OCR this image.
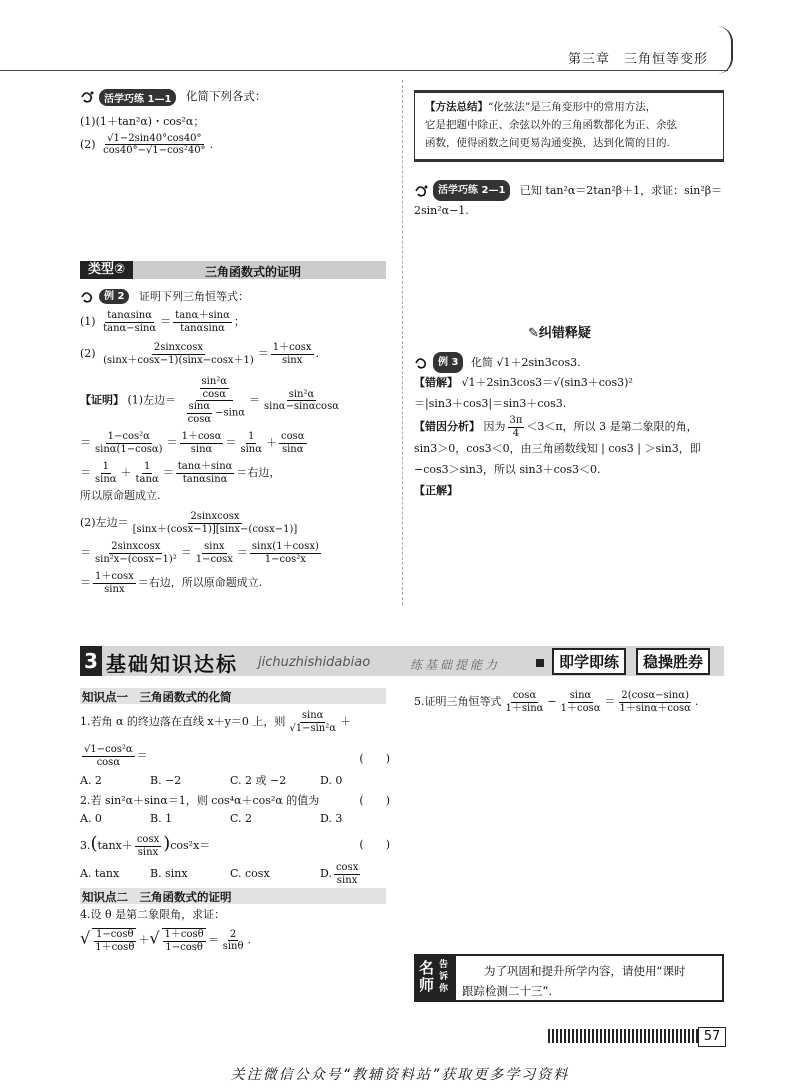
第三章　三角恒等变形
活学巧练 1—1 化简下列各式：
(1)(1＋tan²α)・cos²α；
$(2) \frac{√1-2\sin 40^\circ\cos 40^\circ}{\text{cos40°−√1−cos²40°}}$ .
类型②	三角函数式的证明
例 2 证明下列三角恒等式：
$(1) \frac{\tan\alpha\sin\alpha}{\tan\alpha-\sin\alpha} = \frac{\tan\alpha+\sin\alpha}{\tan\alpha\sin\alpha}$ ；
$(2) \frac{\text{2sinxcosx}}{(\sin x+\cos x-1)(\sin x-\cos x+1)} = \frac{1+\cos x}{\sin x}$ .
【证明】 (1)左边＝ $\frac{\frac{\text{sin²α}}{\cos\alpha}}{\frac{\sin\alpha}{\cos\alpha} -\sin\alpha} = \frac{\text{sin²α}}{\sin\alpha-\sin\alpha\cos\alpha}$
＝ $\frac{\text{1−cos²α}}{\sin\alpha(1-\cos\alpha)} = \frac{1+\cos\alpha}{\sin\alpha} = \frac{1}{\sin\alpha} + \frac{\cos\alpha}{\sin\alpha}$
＝ $\frac{1}{\sin\alpha} + \frac{1}{\tan\alpha} = \frac{\tan\alpha+\sin\alpha}{\tan\alpha\sin\alpha}$ ＝右边，
所以原命题成立.
(2)左边＝ $\frac{\text{2sinxcosx}}{[\sin x+(\cos x-1)][\sin x-(\cos x-1)]}$
＝ $\frac{\text{2sinxcosx}}{\text{sin²x−(cosx−1)²}} = \frac{\sin x}{1-\cos x} = \frac{\sin x(1+\cos x)}{\text{1−cos²x}}$
＝ $\frac{1+\cos x}{\sin x}$ ＝右边，所以原命题成立.
【方法总结】“化弦法”是三角变形中的常用方法，
它是把题中除正、余弦以外的三角函数都化为正、余弦
函数，使得函数之间更易沟通变换，达到化简的目的.
活学巧练 2—1 已知 tan²α＝2tan²β＋1，求证：sin²β＝
2sin²α−1.
✎纠错释疑
例 3 化简 √1＋2sin3cos3.
【错解】 √1＋2sin3cos3＝√(sin3＋cos3)²
＝|sin3＋cos3|＝sin3＋cos3.
【错因分析】 因为 $\frac{3\pi}{4} <3<\pi$，所以 3 是第二象限的角，
sin3＞0，cos3＜0，由三角函数线知 | cos3 | ＞sin3，即
−cos3＞sin3，所以 sin3＋cos3＜0.
【正解】
3 基础知识达标 jichuzhishidabiao	练基础提能力	即学即练	稳操胜券
知识点一　三角函数式的化简
1.若角 α 的终边落在直线 x＋y＝0 上，则 $\frac{\sin\alpha}{\text{√1−sin²α}}$ ＋
$\frac{\text{√1−cos²α}}{\cos\alpha}$ ＝	(　　)
A. 2	B. −2	C. 2 或 −2	D. 0
2.若 sin²α＋sinα＝1，则 cos⁴α＋cos²α 的值为	(　　)
A. 0	B. 1	C. 2	D. 3
$3.(\tan x+ \frac{\cos x}{\sin x} )\cos^2x=$	(　　)
A. tanx	B. sinx	C. cosx	D. $\frac{\cos x}{\sin x}$
知识点二　三角函数式的证明
4.设 θ 是第二象限角，求证：
√ $\frac{1-\cos\theta}{1+\cos\theta}$ ＋√ $\frac{1+\cos\theta}{1-\cos\theta} = \frac{2}{\sin\theta}$ .
5.证明三角恒等式 $\frac{\cos\alpha}{1+\sin\alpha} - \frac{\sin\alpha}{1+\cos\alpha} = \frac{2(\cos\alpha-\sin\alpha)}{1+\sin\alpha+\cos\alpha}$ .
名师
告诉你
为了巩固和提升所学内容，请使用“课时
跟踪检测二十三”.
57
关注微信公众号“教辅资料站”获取更多学习资料
